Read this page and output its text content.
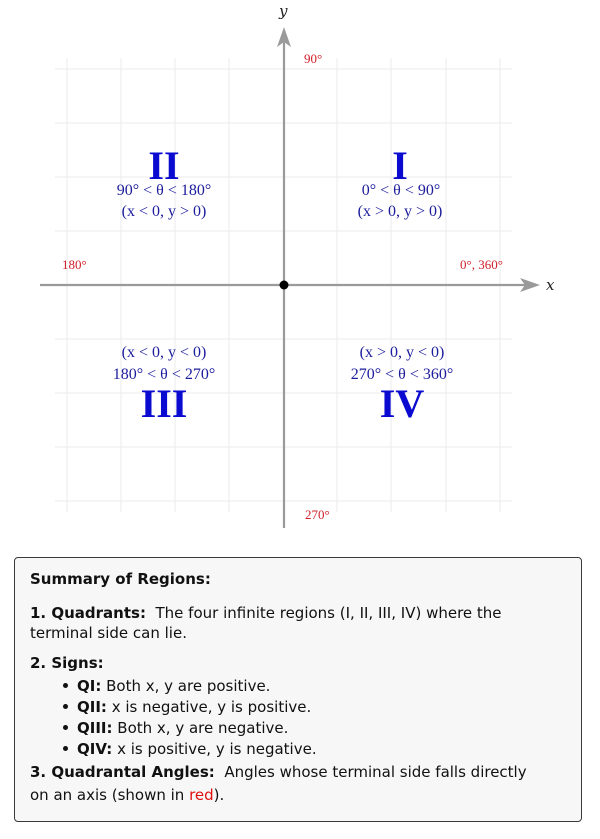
y
x
90°
180°	0°, 360°
270°
I
0° < θ < 90°
(x > 0, y > 0)
II
90° < θ < 180°
(x < 0, y > 0)
(x < 0, y < 0)
180° < θ < 270°
III
(x > 0, y < 0)
270° < θ < 360°
IV
Summary of Regions:
1. Quadrants: The four infinite regions (I, II, III, IV) where the
terminal side can lie.
2. Signs:
QI: Both x, y are positive.
QII: x is negative, y is positive.
QIII: Both x, y are negative.
QIV: x is positive, y is negative.
3. Quadrantal Angles: Angles whose terminal side falls directly
on an axis (shown in red).
